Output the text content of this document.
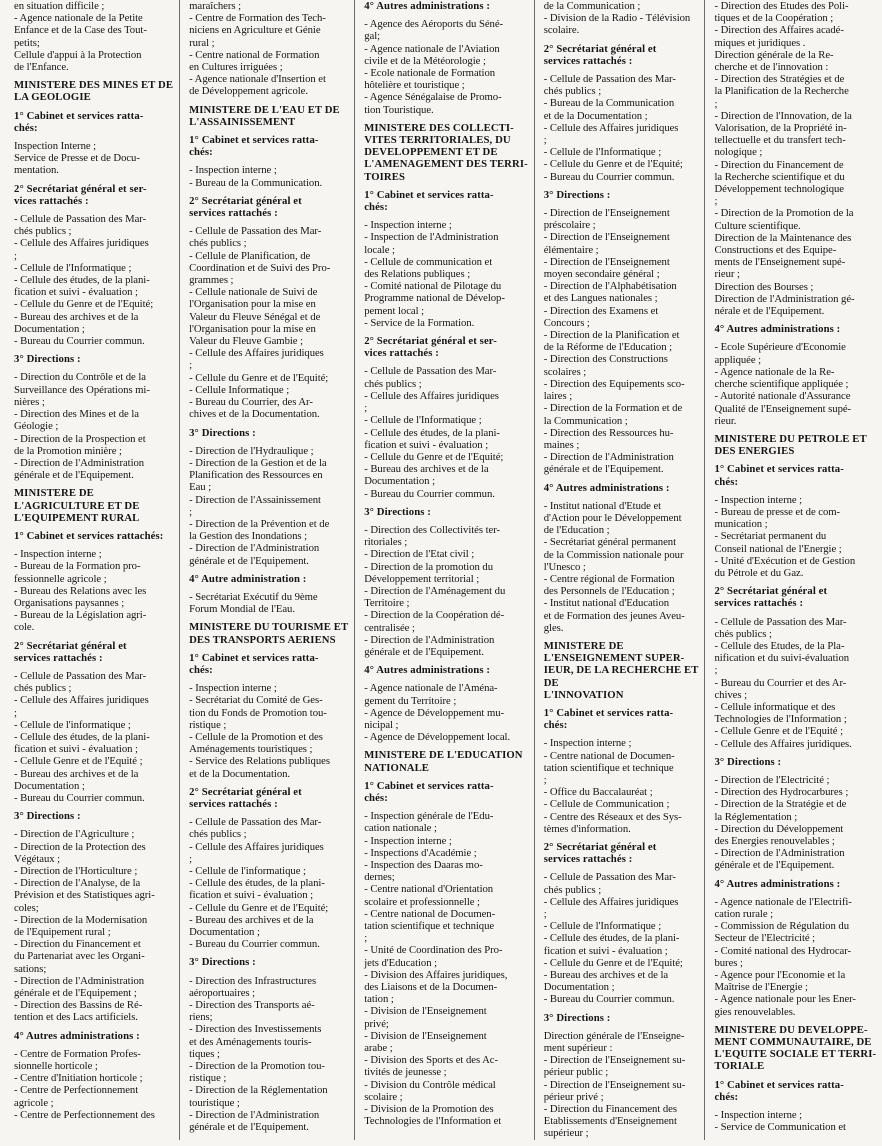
en situation difficile ;
- Agence nationale de la Petite
Enfance et de la Case des Tout-
petits;
Cellule d'appui à la Protection
de l'Enfance.
MINISTERE DES MINES ET DE
LA GEOLOGIE
1° Cabinet et services ratta-
chés:
Inspection Interne ;
Service de Presse et de Docu-
mentation.
2° Secrétariat général et ser-
vices rattachés :
- Cellule de Passation des Mar-
chés publics ;
- Cellule des Affaires juridiques
;
- Cellule de l'Informatique ;
- Cellule des études, de la plani-
fication et suivi - évaluation ;
- Cellule du Genre et de l'Equité;
- Bureau des archives et de la
Documentation ;
- Bureau du Courrier commun.
3° Directions :
- Direction du Contrôle et de la
Surveillance des Opérations mi-
nières ;
- Direction des Mines et de la
Géologie ;
- Direction de la Prospection et
de la Promotion minière ;
- Direction de l'Administration
générale et de l'Equipement.
MINISTERE DE
L'AGRICULTURE ET DE
L'EQUIPEMENT RURAL
1° Cabinet et services rattachés:
- Inspection interne ;
- Bureau de la Formation pro-
fessionnelle agricole ;
- Bureau des Relations avec les
Organisations paysannes ;
- Bureau de la Législation agri-
cole.
2° Secrétariat général et
services rattachés :
- Cellule de Passation des Mar-
chés publics ;
- Cellule des Affaires juridiques
;
- Cellule de l'informatique ;
- Cellule des études, de la plani-
fication et suivi - évaluation ;
- Cellule Genre et de l'Equité ;
- Bureau des archives et de la
Documentation ;
- Bureau du Courrier commun.
3° Directions :
- Direction de l'Agriculture ;
- Direction de la Protection des
Végétaux ;
- Direction de l'Horticulture ;
- Direction de l'Analyse, de la
Prévision et des Statistiques agri-
coles;
- Direction de la Modernisation
de l'Equipement rural ;
- Direction du Financement et
du Partenariat avec les Organi-
sations;
- Direction de l'Administration
générale et de l'Equipement ;
- Direction des Bassins de Ré-
tention et des Lacs artificiels.
4° Autres administrations :
- Centre de Formation Profes-
sionnelle horticole ;
- Centre d'Initiation horticole ;
- Centre de Perfectionnement
agricole ;
- Centre de Perfectionnement des
maraîchers ;
- Centre de Formation des Tech-
niciens en Agriculture et Génie
rural ;
- Centre national de Formation
en Cultures irriguées ;
- Agence nationale d'Insertion et
de Développement agricole.
MINISTERE DE L'EAU ET DE
L'ASSAINISSEMENT
1° Cabinet et services ratta-
chés:
- Inspection interne ;
- Bureau de la Communication.
2° Secrétariat général et
services rattachés :
- Cellule de Passation des Mar-
chés publics ;
- Cellule de Planification, de
Coordination et de Suivi des Pro-
grammes ;
- Cellule nationale de Suivi de
l'Organisation pour la mise en
Valeur du Fleuve Sénégal et de
l'Organisation pour la mise en
Valeur du Fleuve Gambie ;
- Cellule des Affaires juridiques
;
- Cellule du Genre et de l'Equité;
- Cellule Informatique ;
- Bureau du Courrier, des Ar-
chives et de la Documentation.
3° Directions :
- Direction de l'Hydraulique ;
- Direction de la Gestion et de la
Planification des Ressources en
Eau ;
- Direction de l'Assainissement
;
- Direction de la Prévention et de
la Gestion des Inondations ;
- Direction de l'Administration
générale et de l'Equipement.
4° Autre administration :
- Secrétariat Exécutif du 9ème
Forum Mondial de l'Eau.
MINISTERE DU TOURISME ET
DES TRANSPORTS AERIENS
1° Cabinet et services ratta-
chés:
- Inspection interne ;
- Secrétariat du Comité de Ges-
tion du Fonds de Promotion tou-
ristique ;
- Cellule de la Promotion et des
Aménagements touristiques ;
- Service des Relations publiques
et de la Documentation.
2° Secrétariat général et
services rattachés :
- Cellule de Passation des Mar-
chés publics ;
- Cellule des Affaires juridiques
;
- Cellule de l'informatique ;
- Cellule des études, de la plani-
fication et suivi - évaluation ;
- Cellule du Genre et de l'Equité;
- Bureau des archives et de la
Documentation ;
- Bureau du Courrier commun.
3° Directions :
- Direction des Infrastructures
aéroportuaires ;
- Direction des Transports aé-
riens;
- Direction des Investissements
et des Aménagements touris-
tiques ;
- Direction de la Promotion tou-
ristique ;
- Direction de la Réglementation
touristique ;
- Direction de l'Administration
générale et de l'Equipement.
4° Autres administrations :
- Agence des Aéroports du Séné-
gal;
- Agence nationale de l'Aviation
civile et de la Météorologie ;
- Ecole nationale de Formation
hôtelière et touristique ;
- Agence Sénégalaise de Promo-
tion Touristique.
MINISTERE DES COLLECTI-
VITES TERRITORIALES, DU
DEVELOPPEMENT ET DE
L'AMENAGEMENT DES TERRI-
TOIRES
1° Cabinet et services ratta-
chés:
- Inspection interne ;
- Inspection de l'Administration
locale ;
- Cellule de communication et
des Relations publiques ;
- Comité national de Pilotage du
Programme national de Dévelop-
pement local ;
- Service de la Formation.
2° Secrétariat général et ser-
vices rattachés :
- Cellule de Passation des Mar-
chés publics ;
- Cellule des Affaires juridiques
;
- Cellule de l'Informatique ;
- Cellule des études, de la plani-
fication et suivi - évaluation ;
- Cellule du Genre et de l'Equité;
- Bureau des archives et de la
Documentation ;
- Bureau du Courrier commun.
3° Directions :
- Direction des Collectivités ter-
ritoriales ;
- Direction de l'Etat civil ;
- Direction de la promotion du
Développement territorial ;
- Direction de l'Aménagement du
Territoire ;
- Direction de la Coopération dé-
centralisée ;
- Direction de l'Administration
générale et de l'Equipement.
4° Autres administrations :
- Agence nationale de l'Aména-
gement du Territoire ;
- Agence de Développement mu-
nicipal ;
- Agence de Développement local.
MINISTERE DE L'EDUCATION
NATIONALE
1° Cabinet et services ratta-
chés:
- Inspection générale de l'Edu-
cation nationale ;
- Inspection interne ;
- Inspections d'Académie ;
- Inspection des Daaras mo-
dernes;
- Centre national d'Orientation
scolaire et professionnelle ;
- Centre national de Documen-
tation scientifique et technique
;
- Unité de Coordination des Pro-
jets d'Education ;
- Division des Affaires juridiques,
des Liaisons et de la Documen-
tation ;
- Division de l'Enseignement
privé;
- Division de l'Enseignement
arabe ;
- Division des Sports et des Ac-
tivités de jeunesse ;
- Division du Contrôle médical
scolaire ;
- Division de la Promotion des
Technologies de l'Information et
de la Communication ;
- Division de la Radio - Télévision
scolaire.
2° Secrétariat général et
services rattachés :
- Cellule de Passation des Mar-
chés publics ;
- Bureau de la Communication
et de la Documentation ;
- Cellule des Affaires juridiques
;
- Cellule de l'Informatique ;
- Cellule du Genre et de l'Equité;
- Bureau du Courrier commun.
3° Directions :
- Direction de l'Enseignement
préscolaire ;
- Direction de l'Enseignement
élémentaire ;
- Direction de l'Enseignement
moyen secondaire général ;
- Direction de l'Alphabétisation
et des Langues nationales ;
- Direction des Examens et
Concours ;
- Direction de la Planification et
de la Réforme de l'Education ;
- Direction des Constructions
scolaires ;
- Direction des Equipements sco-
laires ;
- Direction de la Formation et de
la Communication ;
- Direction des Ressources hu-
maines ;
- Direction de l'Administration
générale et de l'Equipement.
4° Autres administrations :
- Institut national d'Etude et
d'Action pour le Développement
de l'Education ;
- Secrétariat général permanent
de la Commission nationale pour
l'Unesco ;
- Centre régional de Formation
des Personnels de l'Education ;
- Institut national d'Education
et de Formation des jeunes Aveu-
gles.
MINISTERE DE
L'ENSEIGNEMENT SUPER-
IEUR, DE LA RECHERCHE ET
DE
L'INNOVATION
1° Cabinet et services ratta-
chés:
- Inspection interne ;
- Centre national de Documen-
tation scientifique et technique
;
- Office du Baccalauréat ;
- Cellule de Communication ;
- Centre des Réseaux et des Sys-
tèmes d'information.
2° Secrétariat général et
services rattachés :
- Cellule de Passation des Mar-
chés publics ;
- Cellule des Affaires juridiques
;
- Cellule de l'Informatique ;
- Cellule des études, de la plani-
fication et suivi - évaluation ;
- Cellule du Genre et de l'Equité;
- Bureau des archives et de la
Documentation ;
- Bureau du Courrier commun.
3° Directions :
Direction générale de l'Enseigne-
ment supérieur :
- Direction de l'Enseignement su-
périeur public ;
- Direction de l'Enseignement su-
périeur privé ;
- Direction du Financement des
Etablissements d'Enseignement
supérieur ;
- Direction des Etudes des Poli-
tiques et de la Coopération ;
- Direction des Affaires acadé-
miques et juridiques .
Direction générale de la Re-
cherche et de l'innovation :
- Direction des Stratégies et de
la Planification de la Recherche
;
- Direction de l'Innovation, de la
Valorisation, de la Propriété in-
tellectuelle et du transfert tech-
nologique ;
- Direction du Financement de
la Recherche scientifique et du
Développement technologique
;
- Direction de la Promotion de la
Culture scientifique.
Direction de la Maintenance des
Constructions et des Equipe-
ments de l'Enseignement supé-
rieur ;
Direction des Bourses ;
Direction de l'Administration gé-
nérale et de l'Equipement.
4° Autres administrations :
- Ecole Supérieure d'Economie
appliquée ;
- Agence nationale de la Re-
cherche scientifique appliquée ;
- Autorité nationale d'Assurance
Qualité de l'Enseignement supé-
rieur.
MINISTERE DU PETROLE ET
DES ENERGIES
1° Cabinet et services ratta-
chés:
- Inspection interne ;
- Bureau de presse et de com-
munication ;
- Secrétariat permanent du
Conseil national de l'Energie ;
- Unité d'Exécution et de Gestion
du Pétrole et du Gaz.
2° Secrétariat général et
services rattachés :
- Cellule de Passation des Mar-
chés publics ;
- Cellule des Etudes, de la Pla-
nification et du suivi-évaluation
;
- Bureau du Courrier et des Ar-
chives ;
- Cellule informatique et des
Technologies de l'Information ;
- Cellule Genre et de l'Equité ;
- Cellule des Affaires juridiques.
3° Directions :
- Direction de l'Electricité ;
- Direction des Hydrocarbures ;
- Direction de la Stratégie et de
la Réglementation ;
- Direction du Développement
des Energies renouvelables ;
- Direction de l'Administration
générale et de l'Equipement.
4° Autres administrations :
- Agence nationale de l'Electrifi-
cation rurale ;
- Commission de Régulation du
Secteur de l'Electricité ;
- Comité national des Hydrocar-
bures ;
- Agence pour l'Economie et la
Maîtrise de l'Energie ;
- Agence nationale pour les Ener-
gies renouvelables.
MINISTERE DU DEVELOPPE-
MENT COMMUNAUTAIRE, DE
L'EQUITE SOCIALE ET TERRI-
TORIALE
1° Cabinet et services ratta-
chés:
- Inspection interne ;
- Service de Communication et
